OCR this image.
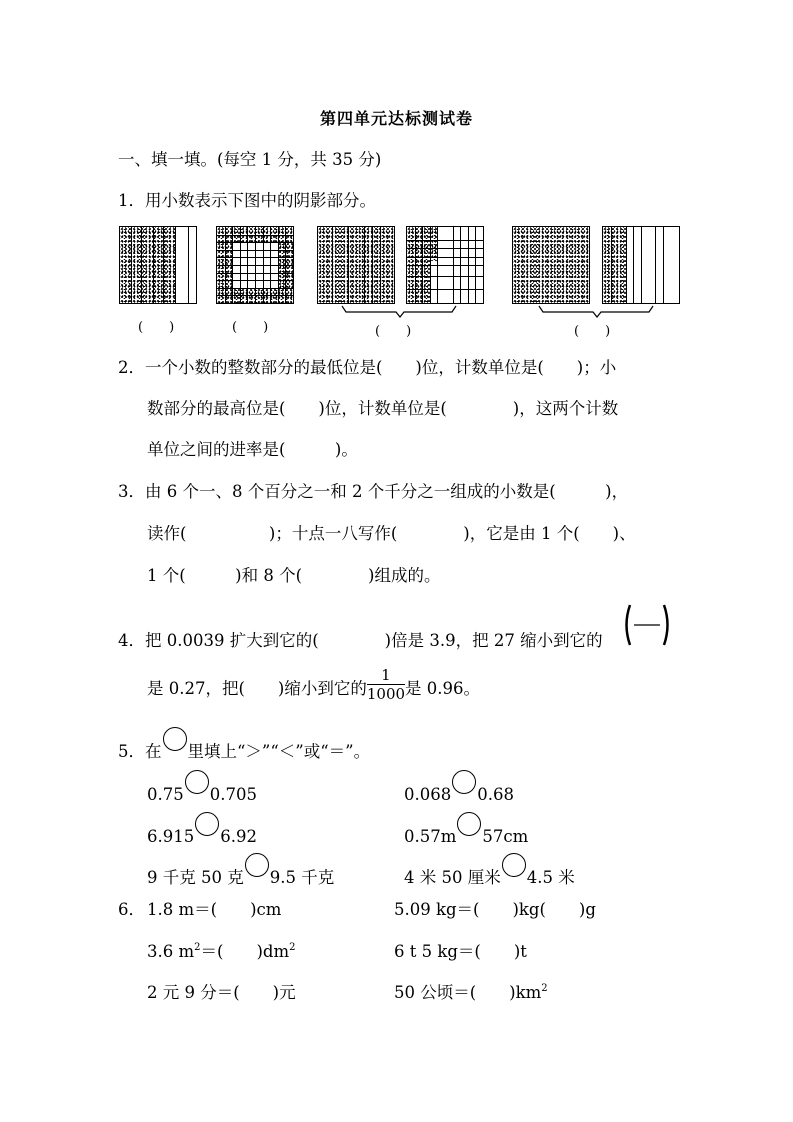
第四单元达标测试卷
一、填一填。(每空 1 分，共 35 分)
1．用小数表示下图中的阴影部分。
(　　)	(　　)	(　　)	(　　)
2．一个小数的整数部分的最低位是(　　)位，计数单位是(　　)；小
数部分的最高位是(　　)位，计数单位是(　　　　)，这两个计数
单位之间的进率是(　　　)。
3．由 6 个一、8 个百分之一和 2 个千分之一组成的小数是(　　　)，
读作(　　　　　)；十点一八写作(　　　　)，它是由 1 个(　　)、
1 个(　　　)和 8 个(　　　　)组成的。
4．把 0.0039 扩大到它的(　　　　)倍是 3.9，把 27 缩小到它的
是 0.27，把(　　)缩小到它的 $\frac{1}{1000}$ 是 0.96。
5．在 里填上“＞”“＜”或“＝”。
0.75 0.705	0.068 0.68
6.915 6.92	0.57m 57cm
9 千克 50 克 9.5 千克	4 米 50 厘米 4.5 米
6． 1.8 m＝(　　)cm	5.09 kg＝(　　)kg(　　)g
3.6 $m^2=$(　　)$dm^2$	6 t 5 kg＝(　　)t
2 元 9 分＝(　　)元	50 公顷＝(　　)$km^2$
